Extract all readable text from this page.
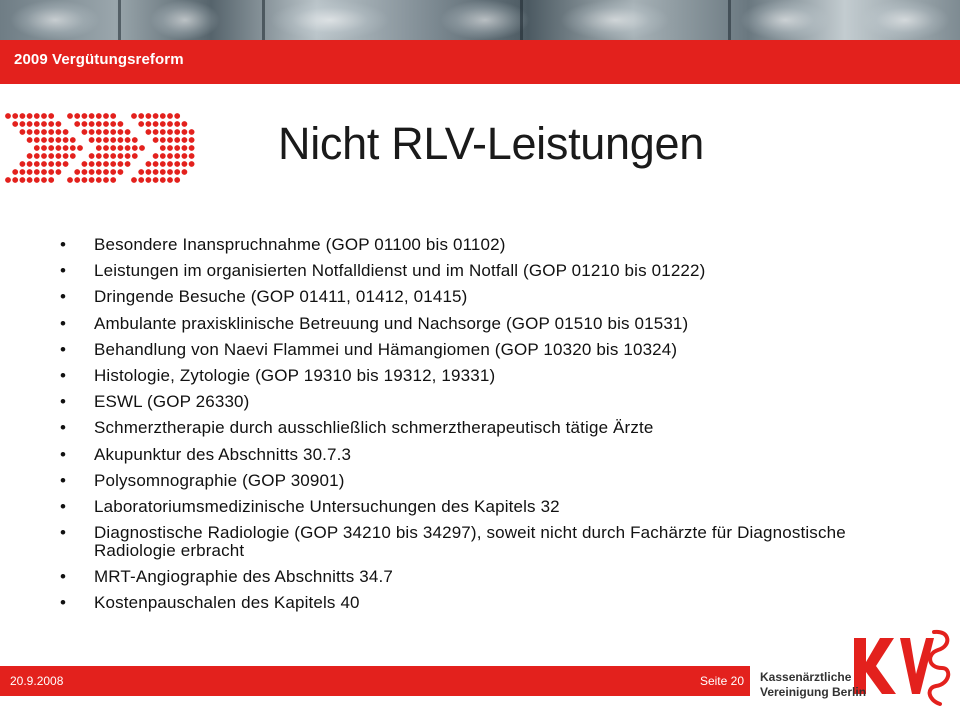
2009 Vergütungsreform
Nicht RLV-Leistungen
• Besondere Inanspruchnahme (GOP 01100 bis 01102)
• Leistungen im organisierten Notfalldienst und im Notfall (GOP 01210 bis 01222)
• Dringende Besuche (GOP 01411, 01412, 01415)
• Ambulante praxisklinische Betreuung und Nachsorge (GOP 01510 bis 01531)
• Behandlung von Naevi Flammei und Hämangiomen (GOP 10320 bis 10324)
• Histologie, Zytologie (GOP 19310 bis 19312, 19331)
• ESWL (GOP 26330)
• Schmerztherapie durch ausschließlich schmerztherapeutisch tätige Ärzte
• Akupunktur des Abschnitts 30.7.3
• Polysomnographie (GOP 30901)
• Laboratoriumsmedizinische Untersuchungen des Kapitels 32
• Diagnostische Radiologie (GOP 34210 bis 34297), soweit nicht durch Fachärzte für Diagnostische Radiologie erbracht
• MRT-Angiographie des Abschnitts 34.7
• Kostenpauschalen des Kapitels 40
20.9.2008	Seite 20 Kassenärztliche
Vereinigung Berlin
